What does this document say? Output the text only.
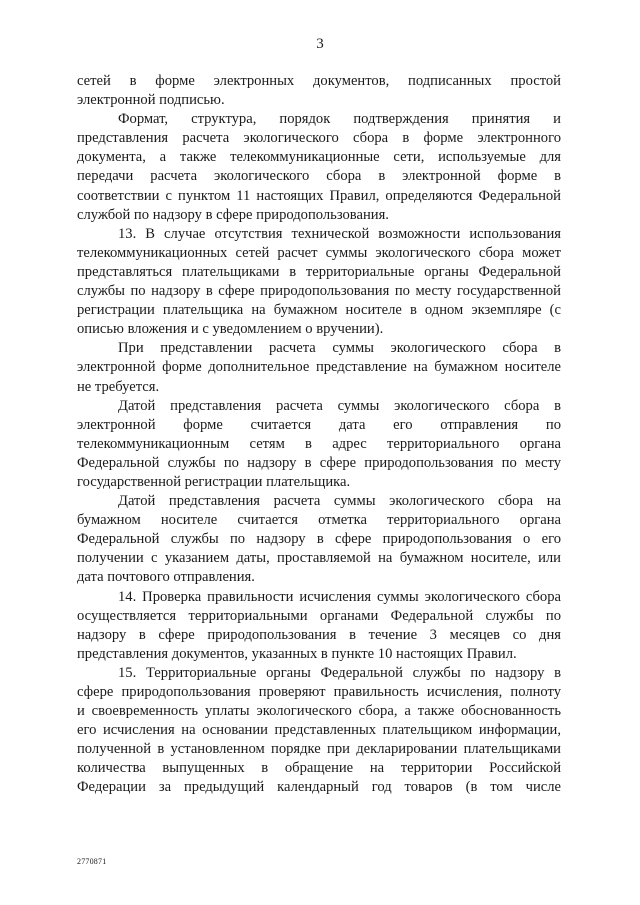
3
сетей в форме электронных документов, подписанных простой
электронной подписью.
Формат, структура, порядок подтверждения принятия и
представления расчета экологического сбора в форме электронного
документа, а также телекоммуникационные сети, используемые для
передачи расчета экологического сбора в электронной форме в
соответствии с пунктом 11 настоящих Правил, определяются Федеральной
службой по надзору в сфере природопользования.
13. В случае отсутствия технической возможности использования
телекоммуникационных сетей расчет суммы экологического сбора может
представляться плательщиками в территориальные органы Федеральной
службы по надзору в сфере природопользования по месту государственной
регистрации плательщика на бумажном носителе в одном экземпляре (с
описью вложения и с уведомлением о вручении).
При представлении расчета суммы экологического сбора в
электронной форме дополнительное представление на бумажном носителе
не требуется.
Датой представления расчета суммы экологического сбора в
электронной форме считается дата его отправления по
телекоммуникационным сетям в адрес территориального органа
Федеральной службы по надзору в сфере природопользования по месту
государственной регистрации плательщика.
Датой представления расчета суммы экологического сбора на
бумажном носителе считается отметка территориального органа
Федеральной службы по надзору в сфере природопользования о его
получении с указанием даты, проставляемой на бумажном носителе, или
дата почтового отправления.
14. Проверка правильности исчисления суммы экологического сбора
осуществляется территориальными органами Федеральной службы по
надзору в сфере природопользования в течение 3 месяцев со дня
представления документов, указанных в пункте 10 настоящих Правил.
15. Территориальные органы Федеральной службы по надзору в
сфере природопользования проверяют правильность исчисления, полноту
и своевременность уплаты экологического сбора, а также обоснованность
его исчисления на основании представленных плательщиком информации,
полученной в установленном порядке при декларировании плательщиками
количества выпущенных в обращение на территории Российской
Федерации за предыдущий календарный год товаров (в том числе
2770871
